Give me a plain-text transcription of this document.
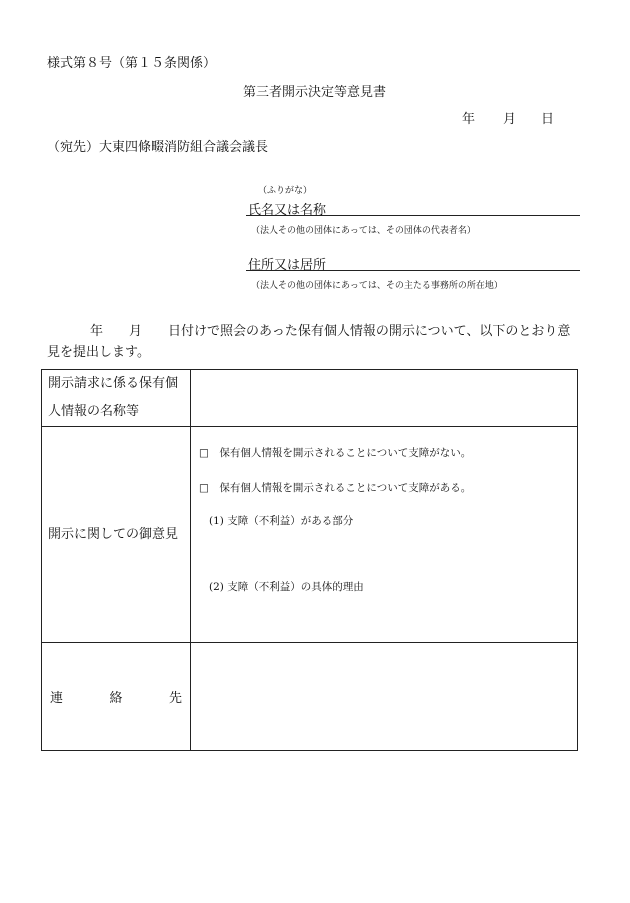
様式第８号（第１５条関係）
第三者開示決定等意見書
年 月 日
（宛先）大東四條畷消防組合議会議長
（ふりがな）
氏名又は名称
（法人その他の団体にあっては、その団体の代表者名）
住所又は居所
（法人その他の団体にあっては、その主たる事務所の所在地）
年　　月　　日付けで照会のあった保有個人情報の開示について、以下のとおり意
見を提出します。
開示請求に係る保有個
人情報の名称等	

開示に関しての御意見	□　保有個人情報を開示されることについて支障がない。
□　保有個人情報を開示されることについて支障がある。
(1) 支障（不利益）がある部分
(2) 支障（不利益）の具体的理由

連 絡 先	
